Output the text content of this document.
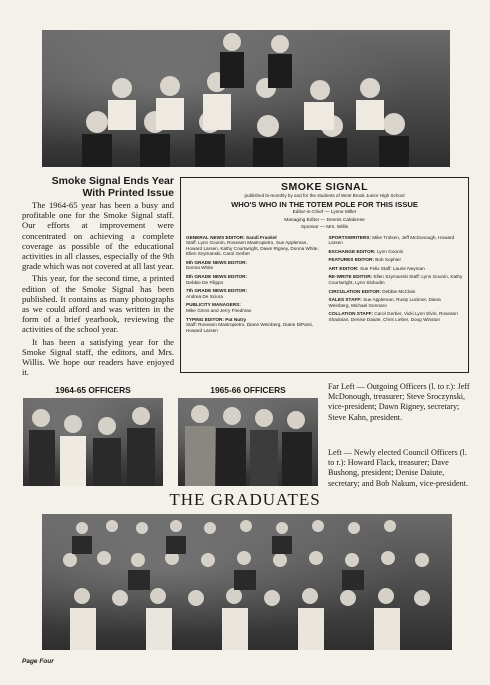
Smoke Signal Ends Year
With Printed Issue

The 1964-65 year has been a busy and profitable one for the Smoke Signal staff. Our efforts at improvement were concentrated on achieving a complete coverage as possible of the educational activities in all classes, especially of the 9th grade which was not covered at all last year.

This year, for the second time, a printed edition of the Smoke Signal has been published. It contains as many photographs as we could afford and was written in the form of a brief yearbook, reviewing the activities of the school year.

It has been a satisfying year for the Smoke Signal staff, the editors, and Mrs. Willis. We hope our readers have enjoyed it.

SMOKE SIGNAL
published bi-monthly by and for the students of West Brook Junior High School
WHO'S WHO IN THE TOTEM POLE FOR THIS ISSUE
Editor-in-Chief — Lynne Miller
Managing Editor — Dennis Calabrese
Sponsor — Mrs. Willis
GENERAL NEWS EDITOR: Sandi Frankel
Staff: Lynn Goonin, Roseann Mastropietro, Sue Appleman, Howard Larsen, Kathy Courtwright, Dawn Rigney, Donna White, Ellen Szymanski, Carol Gerber
9th GRADE NEWS EDITOR:
Donna White
8th GRADE NEWS EDITOR:
Debbie De Filippo
7th GRADE NEWS EDITOR:
Andrea De Sciora
PUBLICITY MANAGERS:
Mike Ginns and Jerry Friedman
TYPING EDITOR: Pat Nutry
Staff: Roseann Mastropietro, Diane Weinberg, Diane DiPanti, Howard Larsen
SPORTSWRITERS: Mike Trolsen, Jeff McDonough, Howard Larsen
EXCHANGE EDITOR: Lynn Goonin
FEATURES EDITOR: Bob Sophier
ART EDITOR: Sue Felix Staff: Laurie Neyman
RE-WRITE EDITOR: Ellen Szymanski Staff: Lynn Goonin, Kathy Courtwright, Lynn Slobodin
CIRCULATION EDITOR: Debbie McClain
SALES STAFF: Sue Appleman, Rusty Luckner, Diana Weinberg, Michael Gennaro
COLLATION STAFF: Carol Gerber, Vicki Lynn Elvin, Roseann Shadoian, Denise Daiute, Chris Lieber, Doug Winston
1964-65 OFFICERS	1965-66 OFFICERS	Far Left — Outgoing Officers (l. to r.): Jeff McDonough, treasurer; Steve Sroczynski, vice-president; Dawn Rigney, secretary; Steve Kahn, president.
Left — Newly elected Council Officers (l. to r.): Howard Flack, treasurer; Dave Bushong, president; Denise Daiute, secretary; and Bob Nakum, vice-president.
THE GRADUATES
Page Four
